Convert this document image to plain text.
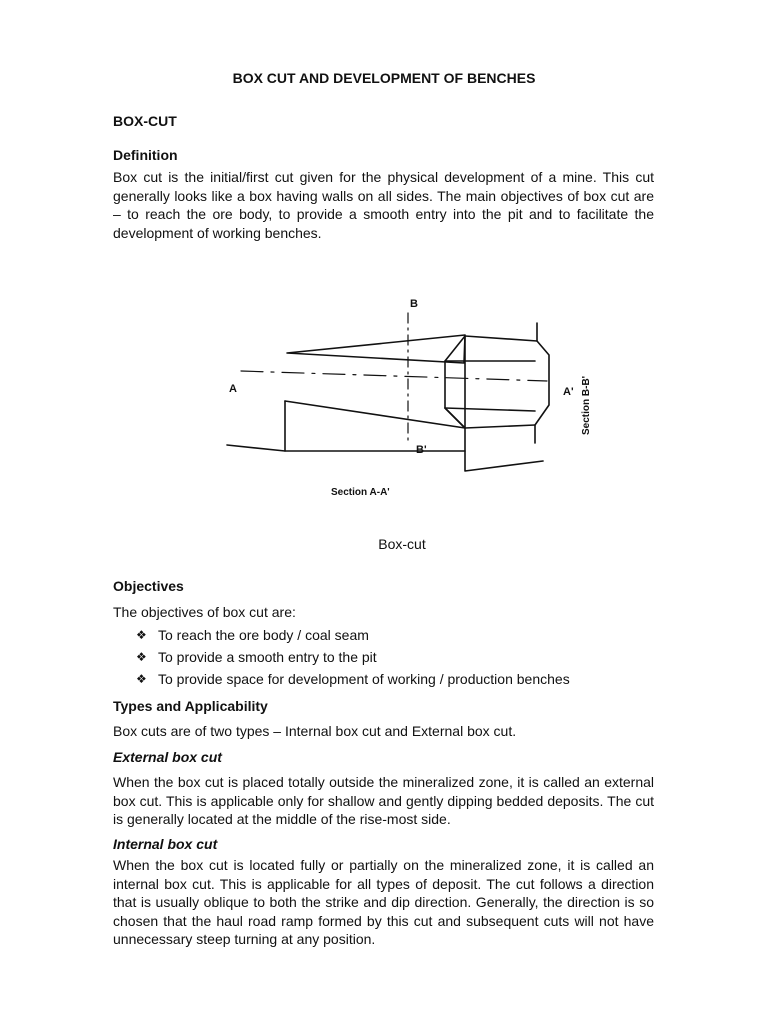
BOX CUT AND DEVELOPMENT OF BENCHES
BOX-CUT
Definition

Box cut is the initial/first cut given for the physical development of a mine. This cut generally looks like a box having walls on all sides. The main objectives of box cut are – to reach the ore body, to provide a smooth entry into the pit and to facilitate the development of working benches.

A	A'
B
B'
Section A-A'
Section B-B'
Box-cut
Objectives
The objectives of box cut are:
❖ To reach the ore body / coal seam
❖ To provide a smooth entry to the pit
❖ To provide space for development of working / production benches
Types and Applicability
Box cuts are of two types – Internal box cut and External box cut.
External box cut

When the box cut is placed totally outside the mineralized zone, it is called an external box cut. This is applicable only for shallow and gently dipping bedded deposits. The cut is generally located at the middle of the rise-most side.

Internal box cut

When the box cut is located fully or partially on the mineralized zone, it is called an internal box cut. This is applicable for all types of deposit. The cut follows a direction that is usually oblique to both the strike and dip direction. Generally, the direction is so chosen that the haul road ramp formed by this cut and subsequent cuts will not have unnecessary steep turning at any position.
